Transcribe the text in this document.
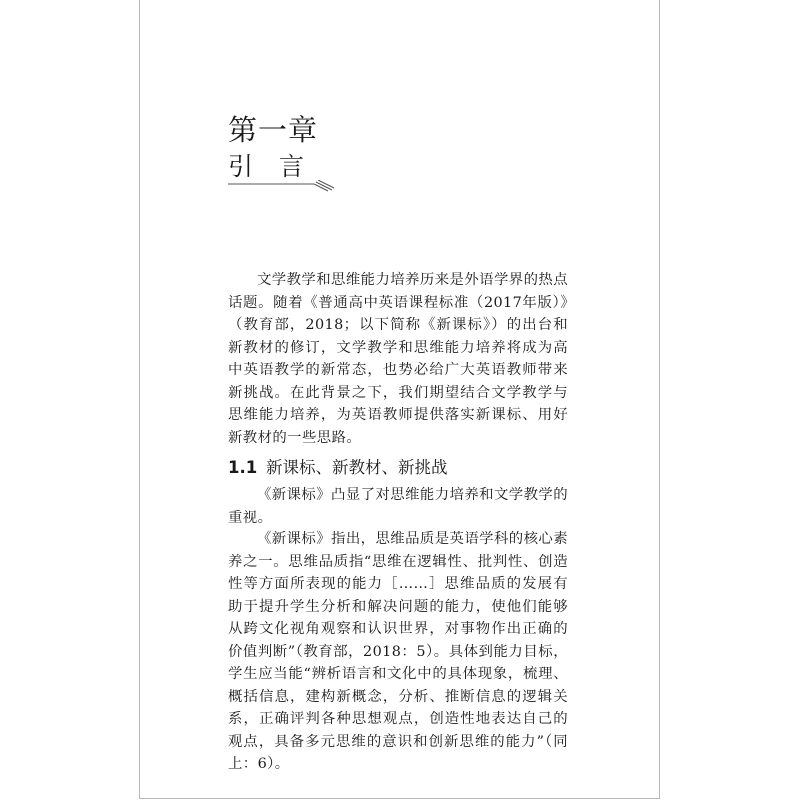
第一章
引言

文学教学和思维能力培养历来是外语学界的热点话题。随着《普通高中英语课程标准（2017年版）》（教育部，2018；以下简称《新课标》）的出台和新教材的修订，文学教学和思维能力培养将成为高中英语教学的新常态，也势必给广大英语教师带来新挑战。在此背景之下，我们期望结合文学教学与思维能力培养，为英语教师提供落实新课标、用好新教材的一些思路。

1.1 新课标、新教材、新挑战

《新课标》凸显了对思维能力培养和文学教学的重视。

《新课标》指出，思维品质是英语学科的核心素养之一。思维品质指“思维在逻辑性、批判性、创造性等方面所表现的能力［……］思维品质的发展有助于提升学生分析和解决问题的能力，使他们能够从跨文化视角观察和认识世界，对事物作出正确的价值判断”（教育部，2018：5）。具体到能力目标，学生应当能“辨析语言和文化中的具体现象，梳理、概括信息，建构新概念，分析、推断信息的逻辑关系，正确评判各种思想观点，创造性地表达自己的观点，具备多元思维的意识和创新思维的能力”（同上：6）。
